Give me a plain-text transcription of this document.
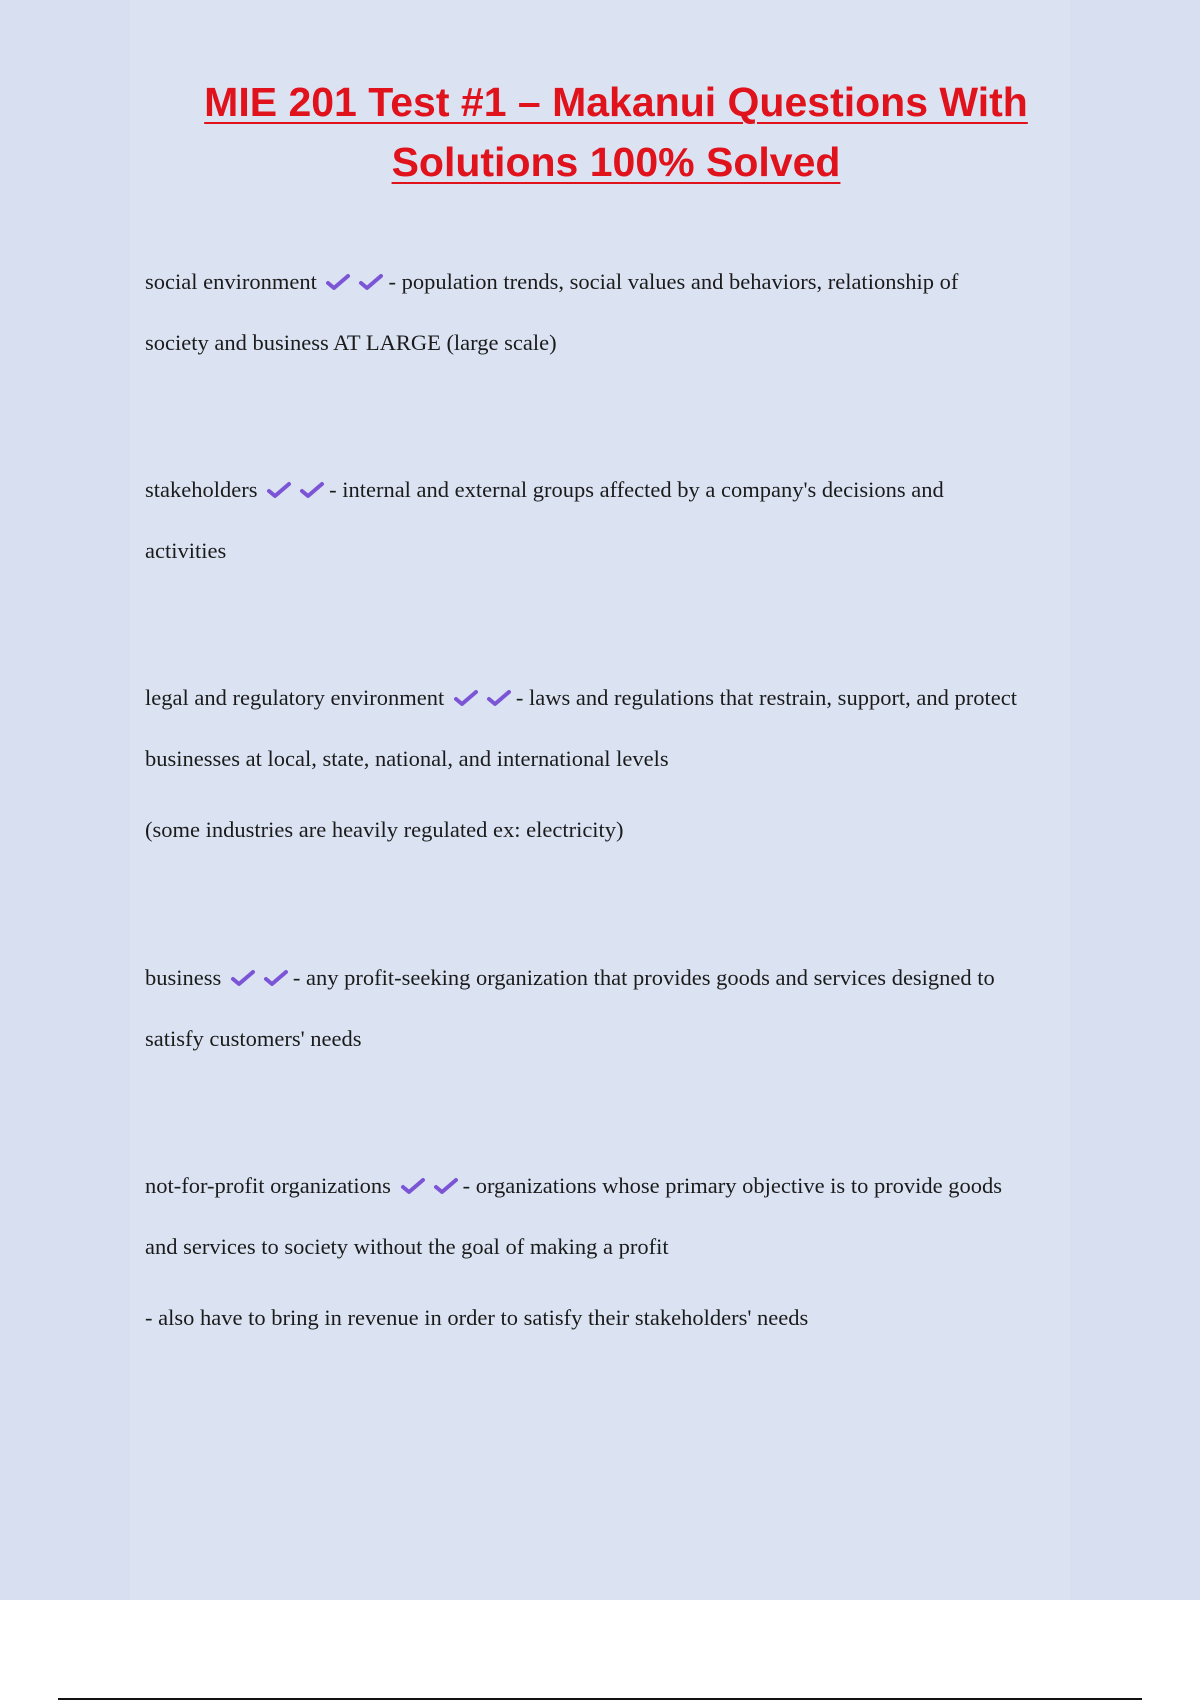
MIE 201 Test #1 – Makanui Questions With
Solutions 100% Solved

social environment	- population trends, social values and behaviors, relationship of

society and business AT LARGE (large scale)

stakeholders	- internal and external groups affected by a company's decisions and

activities

legal and regulatory environment	- laws and regulations that restrain, support, and protect

businesses at local, state, national, and international levels

(some industries are heavily regulated ex: electricity)

business	- any profit-seeking organization that provides goods and services designed to

satisfy customers' needs

not-for-profit organizations	- organizations whose primary objective is to provide goods

and services to society without the goal of making a profit

- also have to bring in revenue in order to satisfy their stakeholders' needs
